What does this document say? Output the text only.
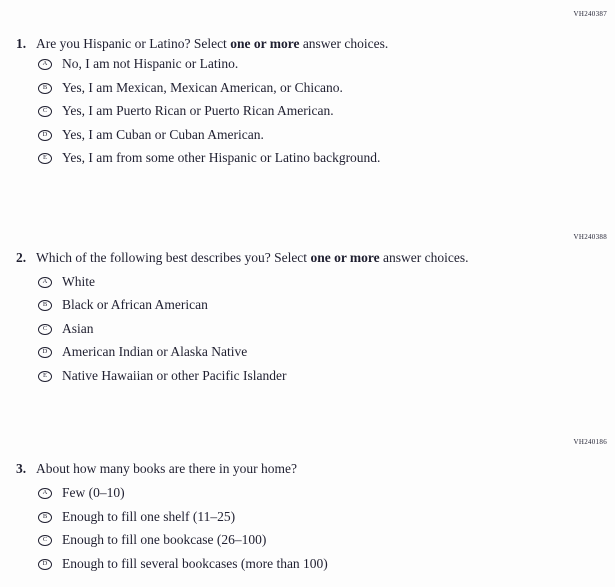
VH240387
1. Are you Hispanic or Latino? Select one or more answer choices.
A No, I am not Hispanic or Latino.
B Yes, I am Mexican, Mexican American, or Chicano.
C Yes, I am Puerto Rican or Puerto Rican American.
D Yes, I am Cuban or Cuban American.
E Yes, I am from some other Hispanic or Latino background.
VH240388
2. Which of the following best describes you? Select one or more answer choices.
A White
B Black or African American
C Asian
D American Indian or Alaska Native
E Native Hawaiian or other Pacific Islander
VH240186
3. About how many books are there in your home?
A Few (0–10)
B Enough to fill one shelf (11–25)
C Enough to fill one bookcase (26–100)
D Enough to fill several bookcases (more than 100)
